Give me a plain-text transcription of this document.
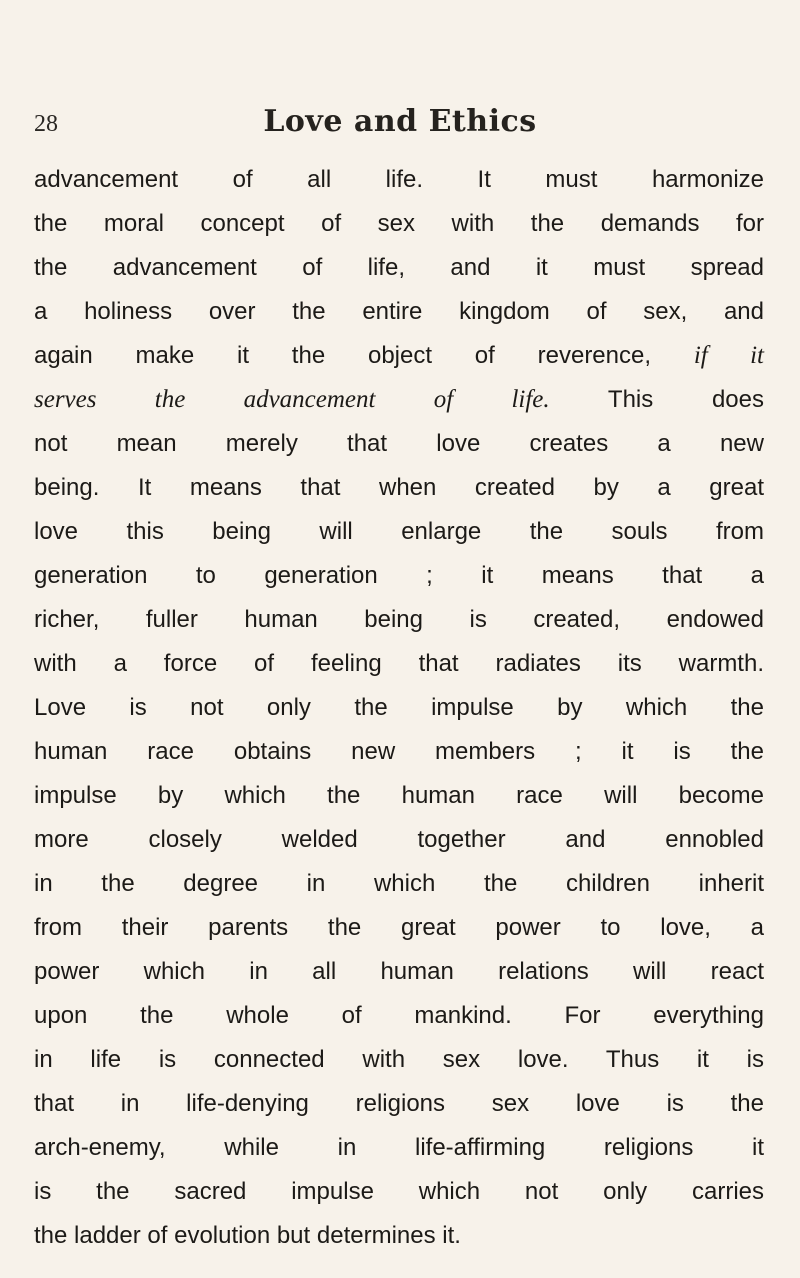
28	Love and Ethics
advancement of all life. It must harmonize
the moral concept of sex with the demands for
the advancement of life, and it must spread
a holiness over the entire kingdom of sex, and
again make it the object of reverence, if it
serves the advancement of life. This does
not mean merely that love creates a new
being. It means that when created by a great
love this being will enlarge the souls from
generation to generation ; it means that a
richer, fuller human being is created, endowed
with a force of feeling that radiates its warmth.
Love is not only the impulse by which the
human race obtains new members ; it is the
impulse by which the human race will become
more closely welded together and ennobled
in the degree in which the children inherit
from their parents the great power to love, a
power which in all human relations will react
upon the whole of mankind. For everything
in life is connected with sex love. Thus it is
that in life-denying religions sex love is the
arch-enemy, while in life-affirming religions it
is the sacred impulse which not only carries
the ladder of evolution but determines it.
